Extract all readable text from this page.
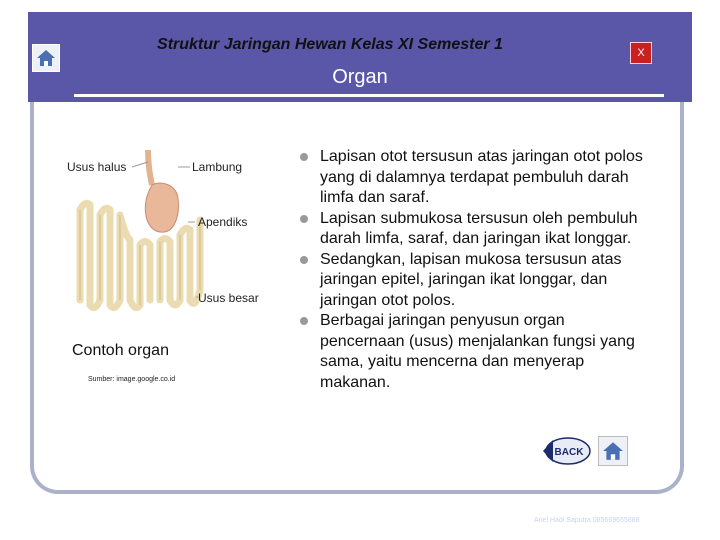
Struktur Jaringan Hewan Kelas XI Semester 1
Organ
X
Usus halus	Lambung
Apendiks
Usus besar
Contoh organ
Sumber: image.google.co.id
Lapisan otot tersusun atas jaringan otot polos yang di dalamnya terdapat pembuluh darah limfa dan saraf.
Lapisan submukosa tersusun oleh pembuluh darah limfa, saraf, dan jaringan ikat longgar.
Sedangkan, lapisan mukosa tersusun atas jaringan epitel, jaringan ikat longgar, dan jaringan otot polos.
Berbagai jaringan penyusun organ pencernaan (usus) menjalankan fungsi yang sama, yaitu mencerna dan menyerap makanan.
BACK
Ariel Hadi Saputra 085669655888
